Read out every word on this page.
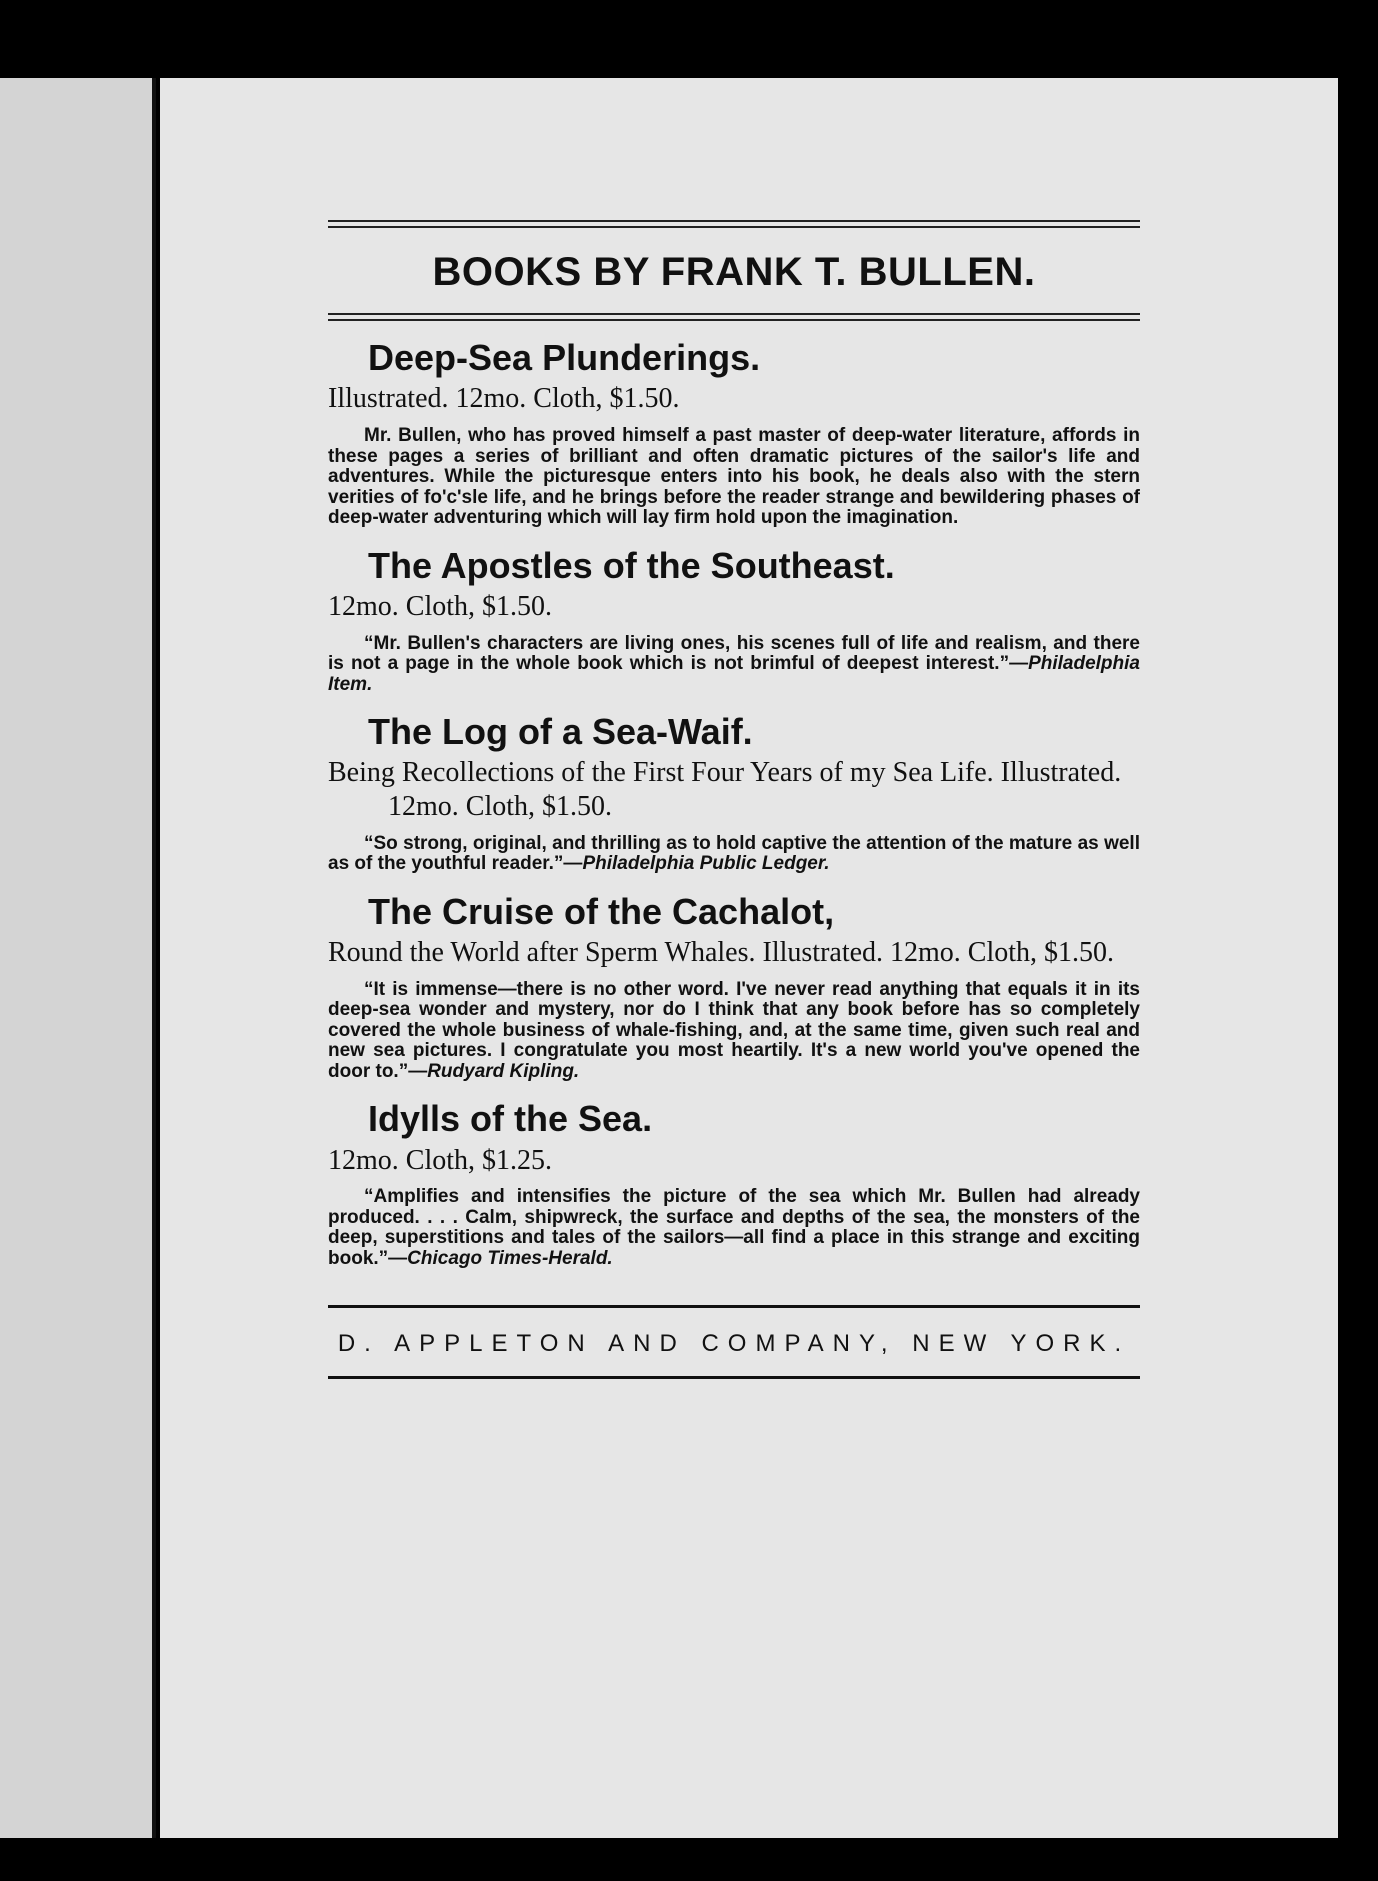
BOOKS BY FRANK T. BULLEN.
Deep-Sea Plunderings.
Illustrated. 12mo. Cloth, $1.50.

Mr. Bullen, who has proved himself a past master of deep-water literature, affords in these pages a series of brilliant and often dramatic pictures of the sailor's life and adventures. While the picturesque enters into his book, he deals also with the stern verities of fo'c'sle life, and he brings before the reader strange and bewildering phases of deep-water adventuring which will lay firm hold upon the imagination.

The Apostles of the Southeast.
12mo. Cloth, $1.50.

“Mr. Bullen's characters are living ones, his scenes full of life and realism, and there is not a page in the whole book which is not brimful of deepest interest.”—Philadelphia Item.

The Log of a Sea-Waif.
Being Recollections of the First Four Years of my Sea Life. Illustrated. 12mo. Cloth, $1.50.

“So strong, original, and thrilling as to hold captive the attention of the mature as well as of the youthful reader.”—Philadelphia Public Ledger.

The Cruise of the Cachalot,
Round the World after Sperm Whales. Illustrated. 12mo. Cloth, $1.50.

“It is immense—there is no other word. I've never read anything that equals it in its deep-sea wonder and mystery, nor do I think that any book before has so completely covered the whole business of whale-fishing, and, at the same time, given such real and new sea pictures. I congratulate you most heartily. It's a new world you've opened the door to.”—Rudyard Kipling.

Idylls of the Sea.
12mo. Cloth, $1.25.

“Amplifies and intensifies the picture of the sea which Mr. Bullen had already produced. . . . Calm, shipwreck, the surface and depths of the sea, the monsters of the deep, superstitions and tales of the sailors—all find a place in this strange and exciting book.”—Chicago Times-Herald.

D. APPLETON AND COMPANY, NEW YORK.
